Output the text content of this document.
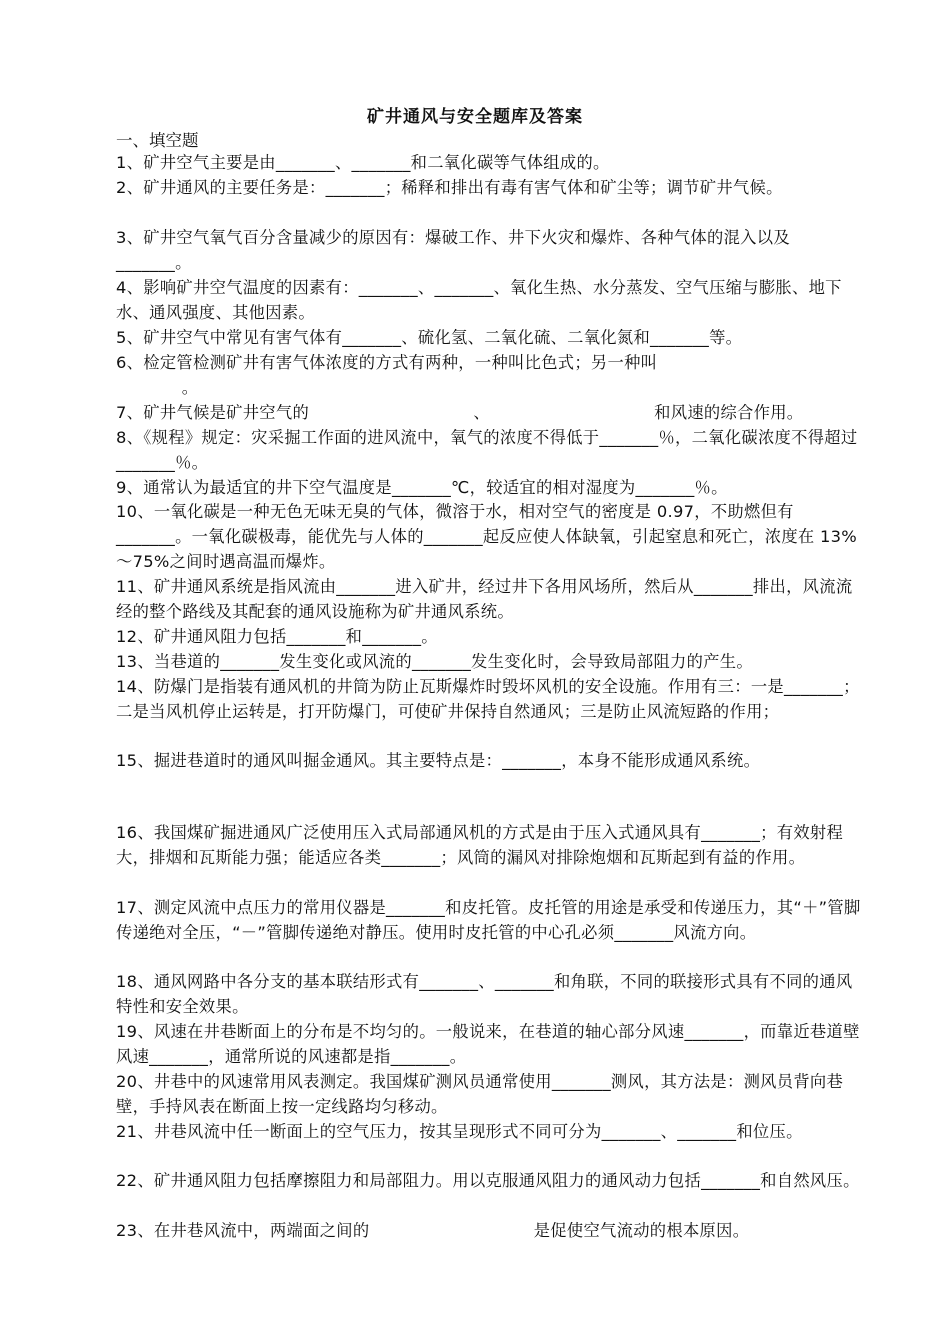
矿井通风与安全题库及答案
一、填空题
1、矿井空气主要是由_______、_______和二氧化碳等气体组成的。
2、矿井通风的主要任务是：_______；稀释和排出有毒有害气体和矿尘等；调节矿井气候。
3、矿井空气氧气百分含量减少的原因有：爆破工作、井下火灾和爆炸、各种气体的混入以及_______。
4、影响矿井空气温度的因素有：_______、_______、氧化生热、水分蒸发、空气压缩与膨胀、地下水、通风强度、其他因素。
5、矿井空气中常见有害气体有_______、硫化氢、二氧化硫、二氧化氮和_______等。
6、检定管检测矿井有害气体浓度的方式有两种，一种叫比色式；另一种叫
。
7、矿井气候是矿井空气的                              、                              和风速的综合作用。
8、《规程》规定：灾采掘工作面的进风流中，氧气的浓度不得低于_______％，二氧化碳浓度不得超过_______％。
9、通常认为最适宜的井下空气温度是_______℃，较适宜的相对湿度为_______％。
10、一氧化碳是一种无色无味无臭的气体，微溶于水，相对空气的密度是 0.97，不助燃但有_______。一氧化碳极毒，能优先与人体的_______起反应使人体缺氧，引起窒息和死亡，浓度在 13%～75%之间时遇高温而爆炸。
11、矿井通风系统是指风流由_______进入矿井，经过井下各用风场所，然后从_______排出，风流流经的整个路线及其配套的通风设施称为矿井通风系统。
12、矿井通风阻力包括_______和_______。
13、当巷道的_______发生变化或风流的_______发生变化时，会导致局部阻力的产生。
14、防爆门是指装有通风机的井筒为防止瓦斯爆炸时毁坏风机的安全设施。作用有三：一是_______；二是当风机停止运转是，打开防爆门，可使矿井保持自然通风；三是防止风流短路的作用；
15、掘进巷道时的通风叫掘金通风。其主要特点是：_______，本身不能形成通风系统。
16、我国煤矿掘进通风广泛使用压入式局部通风机的方式是由于压入式通风具有_______；有效射程大，排烟和瓦斯能力强；能适应各类_______；风筒的漏风对排除炮烟和瓦斯起到有益的作用。
17、测定风流中点压力的常用仪器是_______和皮托管。皮托管的用途是承受和传递压力，其“＋”管脚传递绝对全压，“－”管脚传递绝对静压。使用时皮托管的中心孔必须_______风流方向。
18、通风网路中各分支的基本联结形式有_______、_______和角联，不同的联接形式具有不同的通风特性和安全效果。
19、风速在井巷断面上的分布是不均匀的。一般说来，在巷道的轴心部分风速_______，而靠近巷道壁风速_______，通常所说的风速都是指_______。
20、井巷中的风速常用风表测定。我国煤矿测风员通常使用_______测风，其方法是：测风员背向巷壁，手持风表在断面上按一定线路均匀移动。
21、井巷风流中任一断面上的空气压力，按其呈现形式不同可分为_______、_______和位压。
22、矿井通风阻力包括摩擦阻力和局部阻力。用以克服通风阻力的通风动力包括_______和自然风压。
23、在井巷风流中，两端面之间的                              是促使空气流动的根本原因。
